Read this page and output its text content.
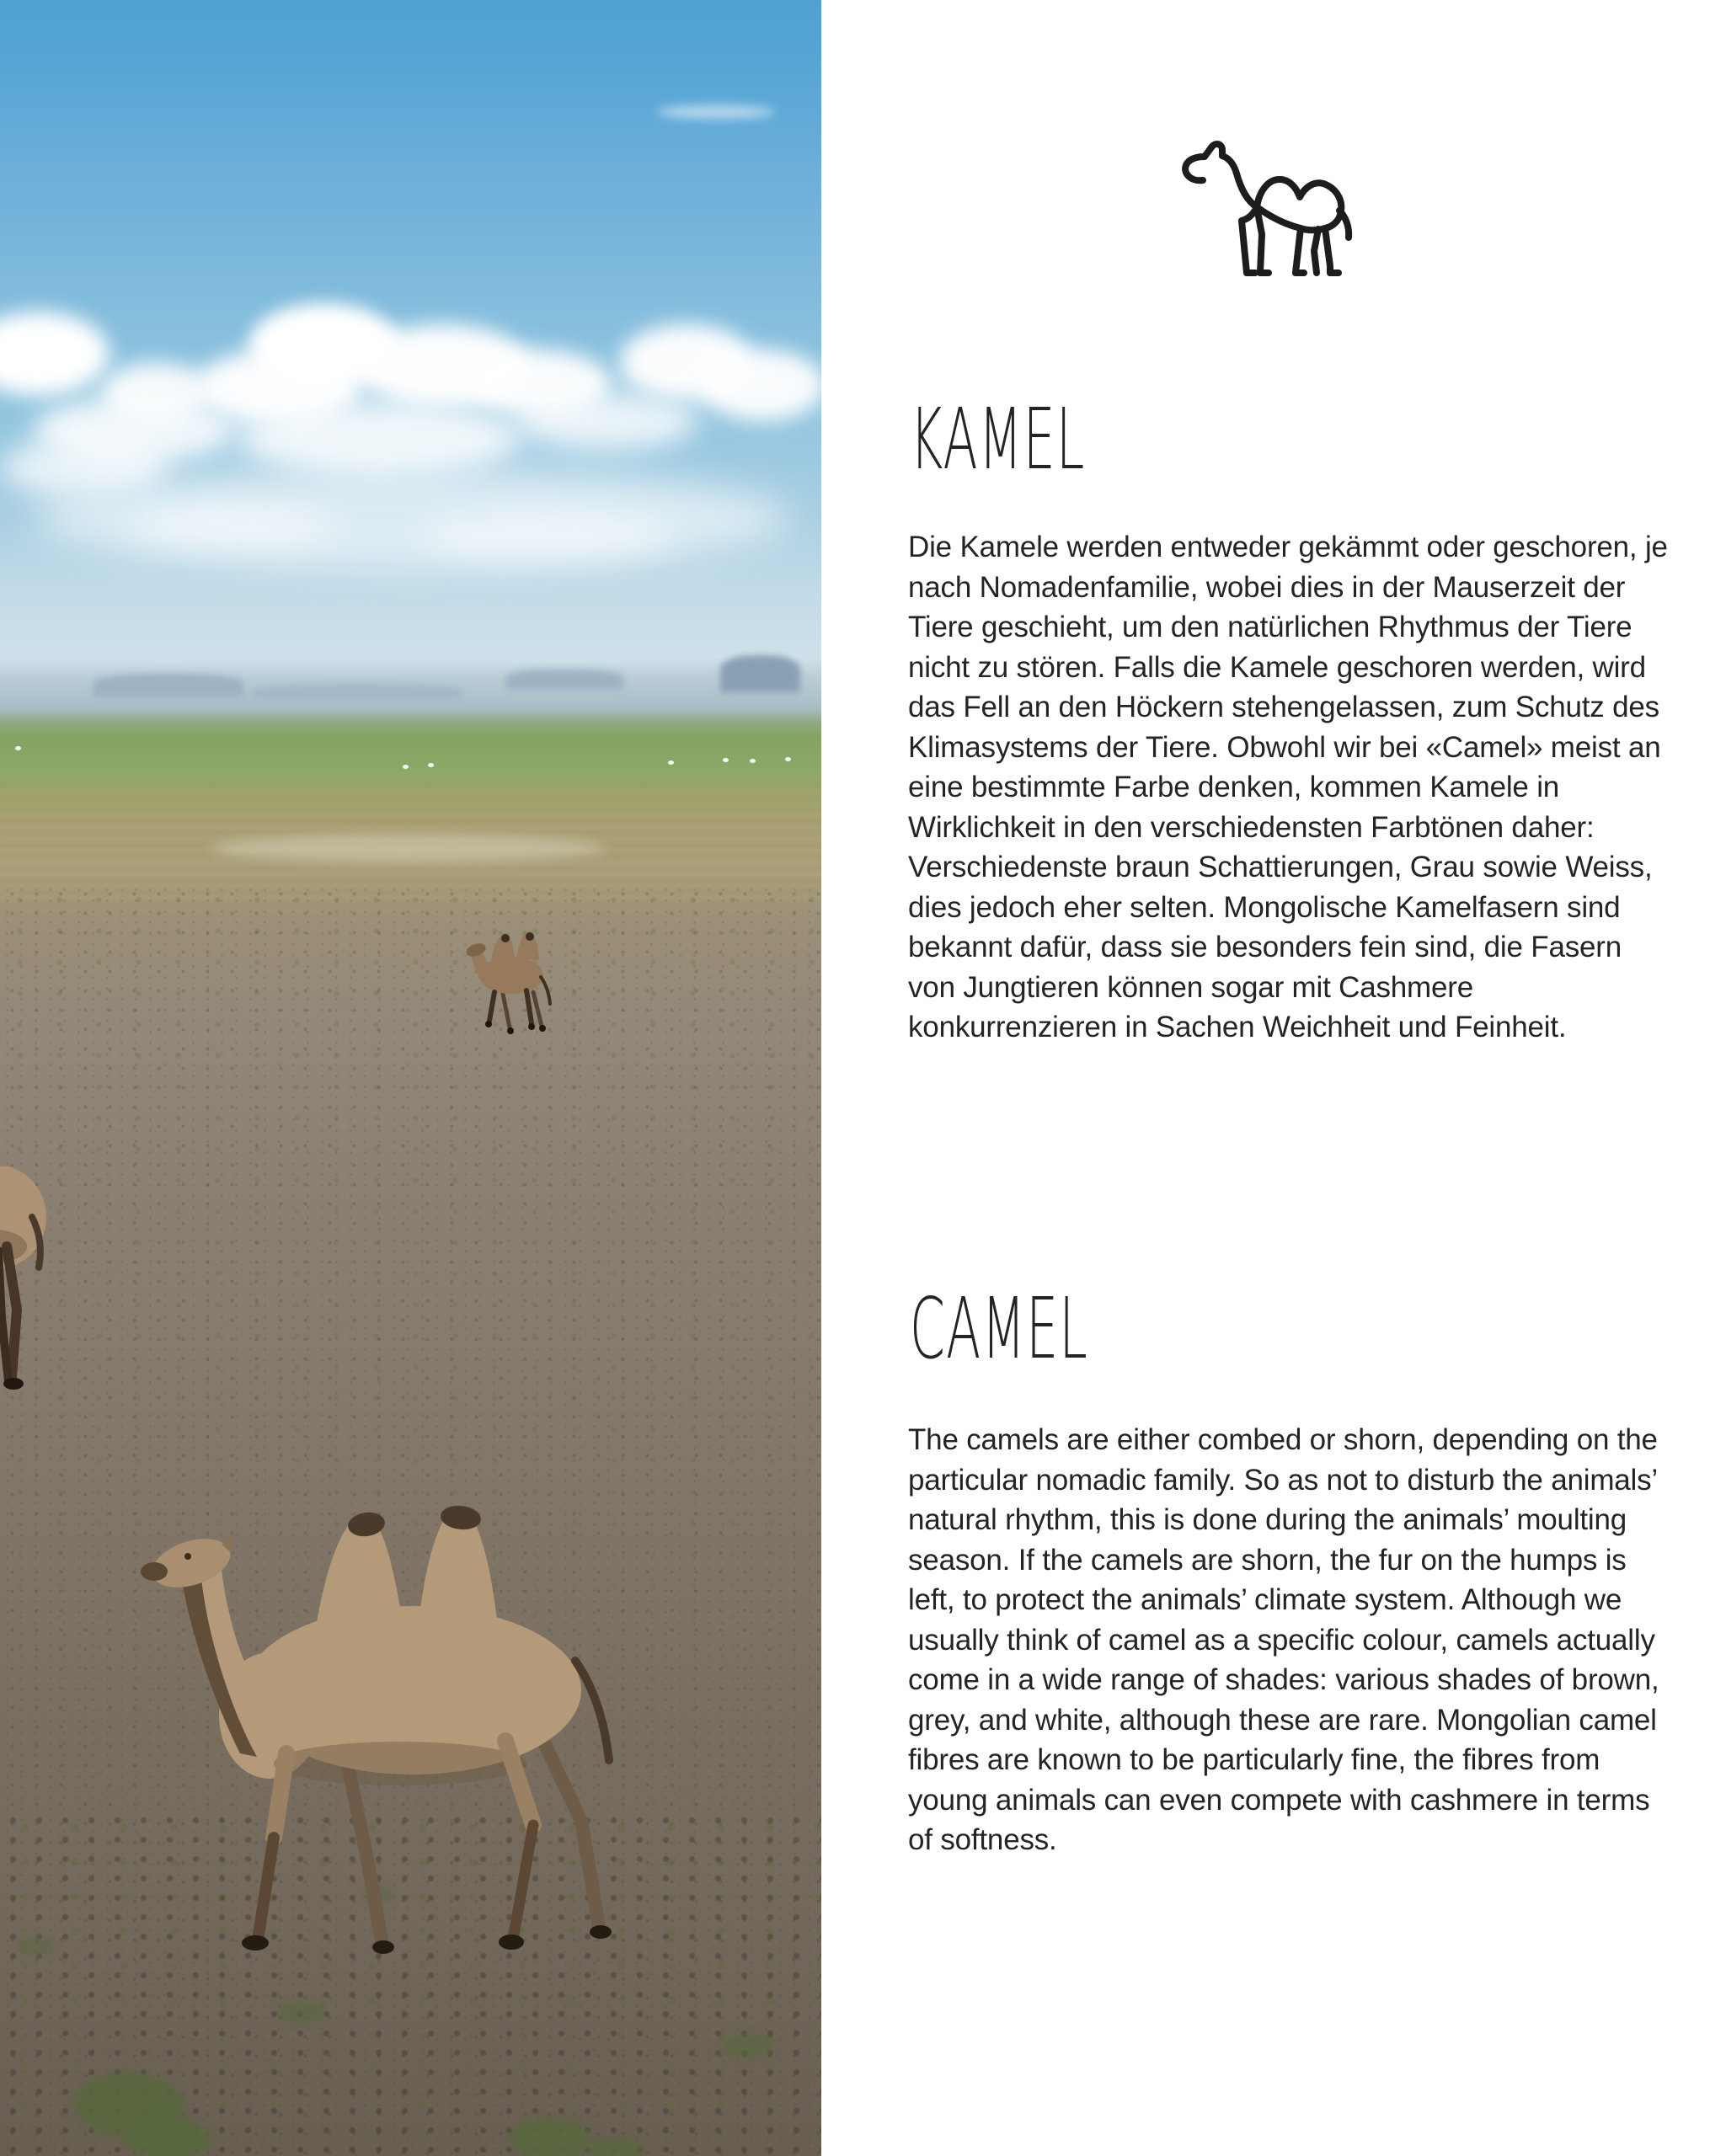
KAMEL

Die Kamele werden entweder gekämmt oder geschoren, je nach Nomadenfamilie, wobei dies in der Mauserzeit der Tiere geschieht, um den natürlichen Rhythmus der Tiere nicht zu stören. Falls die Kamele geschoren werden, wird das Fell an den Höckern stehengelassen, zum Schutz des Klimasystems der Tiere. Obwohl wir bei «Camel» meist an eine bestimmte Farbe denken, kommen Kamele in Wirklichkeit in den verschiedensten Farbtönen daher: Verschiedenste braun Schattierungen, Grau sowie Weiss, dies jedoch eher selten. Mongolische Kamelfasern sind bekannt dafür, dass sie besonders fein sind, die Fasern von Jungtieren können sogar mit Cashmere konkurrenzieren in Sachen Weichheit und Feinheit.

CAMEL

The camels are either combed or shorn, depending on the particular nomadic family. So as not to disturb the animals’ natural rhythm, this is done during the animals’ moulting season. If the camels are shorn, the fur on the humps is left, to protect the animals’ climate system. Although we usually think of camel as a specific colour, camels actually come in a wide range of shades: various shades of brown, grey, and white, although these are rare. Mongolian camel fibres are known to be particularly fine, the fibres from young animals can even compete with cashmere in terms of softness.
